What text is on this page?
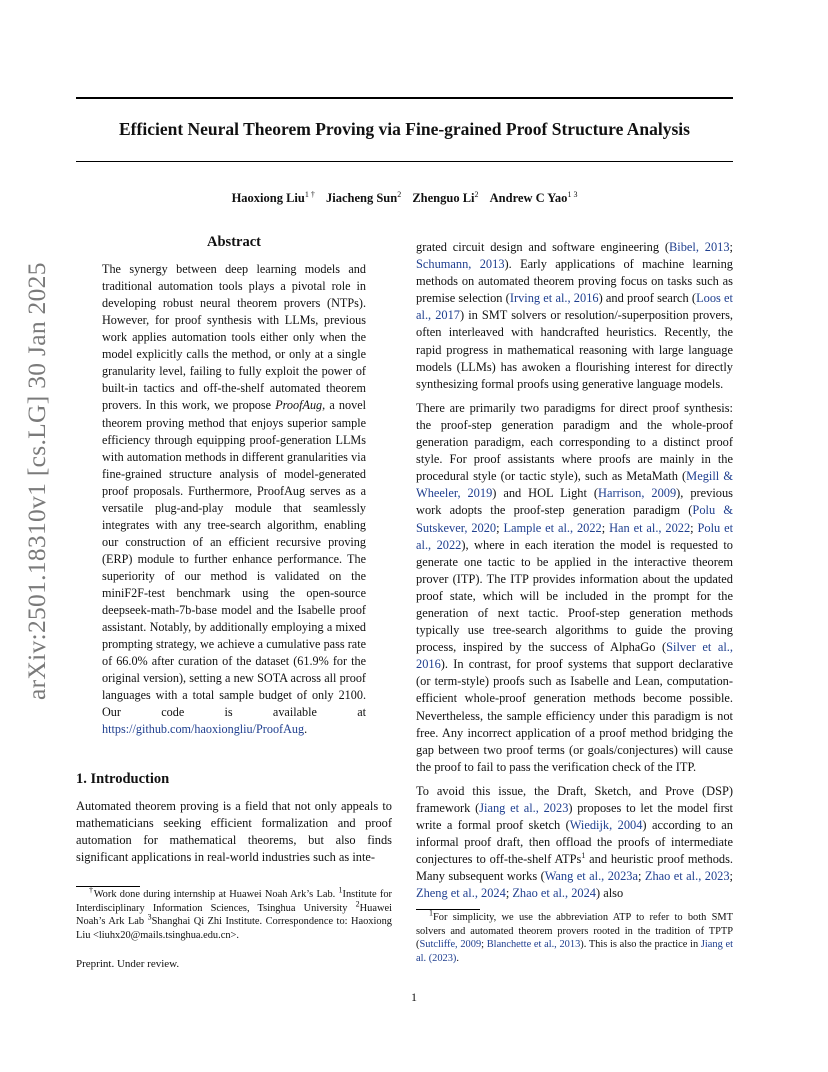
Efficient Neural Theorem Proving via Fine-grained Proof Structure Analysis
Haoxiong Liu$^{1 \dagger}$ Jiacheng Sun$^2$ Zhenguo Li$^2$ Andrew C Yao$^{1 3}$
arXiv:2501.18310v1 [cs.LG] 30 Jan 2025
Abstract

The synergy between deep learning models and traditional automation tools plays a pivotal role in developing robust neural theorem provers (NTPs). However, for proof synthesis with LLMs, previous work applies automation tools either only when the model explicitly calls the method, or only at a single granularity level, failing to fully exploit the power of built-in tactics and off-the-shelf automated theorem provers. In this work, we propose ProofAug, a novel theorem proving method that enjoys superior sample efficiency through equipping proof-generation LLMs with automation methods in different granularities via fine-grained structure analysis of model-generated proof proposals. Furthermore, ProofAug serves as a versatile plug-and-play module that seamlessly integrates with any tree-search algorithm, enabling our construction of an efficient recursive proving (ERP) module to further enhance performance. The superiority of our method is validated on the miniF2F-test benchmark using the open-source deepseek-math-7b-base model and the Isabelle proof assistant. Notably, by additionally employing a mixed prompting strategy, we achieve a cumulative pass rate of 66.0% after curation of the dataset (61.9% for the original version), setting a new SOTA across all proof languages with a total sample budget of only 2100. Our code is available at https://github.com/haoxiongliu/ProofAug.

1. Introduction

Automated theorem proving is a field that not only appeals to mathematicians seeking efficient formalization and proof automation for mathematical theorems, but also finds significant applications in real-world industries such as inte-

†Work done during internship at Huawei Noah Ark’s Lab. $^1$Institute for Interdisciplinary Information Sciences, Tsinghua University $^2$Huawei Noah’s Ark Lab $^3$Shanghai Qi Zhi Institute. Correspondence to: Haoxiong Liu <liuhx20@mails.tsinghua.edu.cn>.
Preprint. Under review.

grated circuit design and software engineering (Bibel, 2013; Schumann, 2013). Early applications of machine learning methods on automated theorem proving focus on tasks such as premise selection (Irving et al., 2016) and proof search (Loos et al., 2017) in SMT solvers or resolution/-superposition provers, often interleaved with handcrafted heuristics. Recently, the rapid progress in mathematical reasoning with large language models (LLMs) has awoken a flourishing interest for directly synthesizing formal proofs using generative language models.

There are primarily two paradigms for direct proof synthesis: the proof-step generation paradigm and the whole-proof generation paradigm, each corresponding to a distinct proof style. For proof assistants where proofs are mainly in the procedural style (or tactic style), such as MetaMath (Megill & Wheeler, 2019) and HOL Light (Harrison, 2009), previous work adopts the proof-step generation paradigm (Polu & Sutskever, 2020; Lample et al., 2022; Han et al., 2022; Polu et al., 2022), where in each iteration the model is requested to generate one tactic to be applied in the interactive theorem prover (ITP). The ITP provides information about the updated proof state, which will be included in the prompt for the generation of next tactic. Proof-step generation methods typically use tree-search algorithms to guide the proving process, inspired by the success of AlphaGo (Silver et al., 2016). In contrast, for proof systems that support declarative (or term-style) proofs such as Isabelle and Lean, computation-efficient whole-proof generation methods become possible. Nevertheless, the sample efficiency under this paradigm is not free. Any incorrect application of a proof method bridging the gap between two proof terms (or goals/conjectures) will cause the proof to fail to pass the verification check of the ITP.

To avoid this issue, the Draft, Sketch, and Prove (DSP) framework (Jiang et al., 2023) proposes to let the model first write a formal proof sketch (Wiedijk, 2004) according to an informal proof draft, then offload the proofs of intermediate conjectures to off-the-shelf ATPs$^1$ and heuristic proof methods. Many subsequent works (Wang et al., 2023a; Zhao et al., 2023; Zheng et al., 2024; Zhao et al., 2024) also

$^1$For simplicity, we use the abbreviation ATP to refer to both SMT solvers and automated theorem provers rooted in the tradition of TPTP (Sutcliffe, 2009; Blanchette et al., 2013). This is also the practice in Jiang et al. (2023).
1
